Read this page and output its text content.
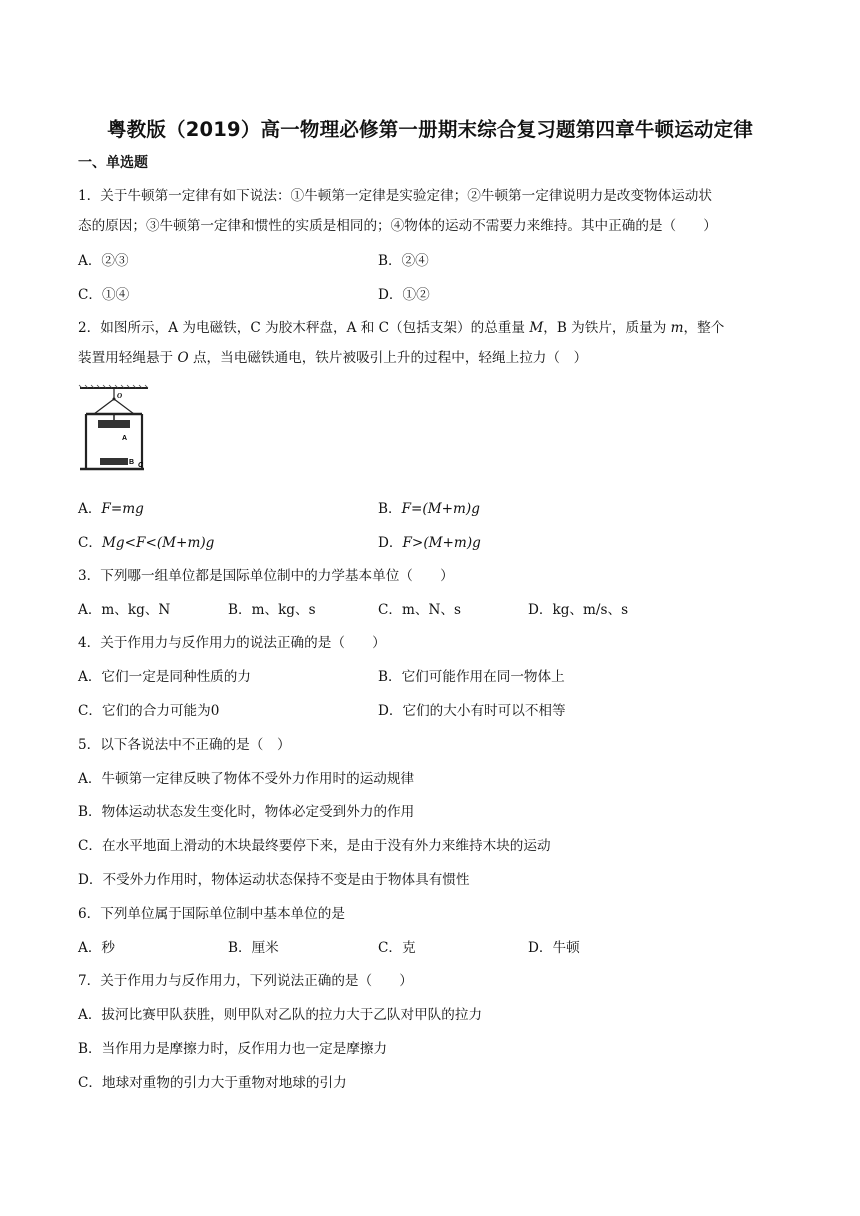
粤教版（2019）高一物理必修第一册期末综合复习题第四章牛顿运动定律
一、单选题
1．关于牛顿第一定律有如下说法：①牛顿第一定律是实验定律；②牛顿第一定律说明力是改变物体运动状
态的原因；③牛顿第一定律和惯性的实质是相同的；④物体的运动不需要力来维持。其中正确的是（　　）
A．②③	B．②④
C．①④	D．①②
2．如图所示，A 为电磁铁，C 为胶木秤盘，A 和 C（包括支架）的总重量 M，B 为铁片，质量为 m，整个
装置用轻绳悬于 O 点，当电磁铁通电，铁片被吸引上升的过程中，轻绳上拉力（　）
O
A
B C
A．F=mg	B．F=(M+m)g
C．Mg<F<(M+m)g	D．F>(M+m)g
3．下列哪一组单位都是国际单位制中的力学基本单位（　　）
A．m、kg、N	B．m、kg、s	C．m、N、s	D．kg、m/s、s
4．关于作用力与反作用力的说法正确的是（　　）
A．它们一定是同种性质的力	B．它们可能作用在同一物体上
C．它们的合力可能为0	D．它们的大小有时可以不相等
5．以下各说法中不正确的是（　）
A．牛顿第一定律反映了物体不受外力作用时的运动规律
B．物体运动状态发生变化时，物体必定受到外力的作用
C．在水平地面上滑动的木块最终要停下来，是由于没有外力来维持木块的运动
D．不受外力作用时，物体运动状态保持不变是由于物体具有惯性
6．下列单位属于国际单位制中基本单位的是
A．秒	B．厘米	C．克	D．牛顿
7．关于作用力与反作用力，下列说法正确的是（　　）
A．拔河比赛甲队获胜，则甲队对乙队的拉力大于乙队对甲队的拉力
B．当作用力是摩擦力时，反作用力也一定是摩擦力
C．地球对重物的引力大于重物对地球的引力
